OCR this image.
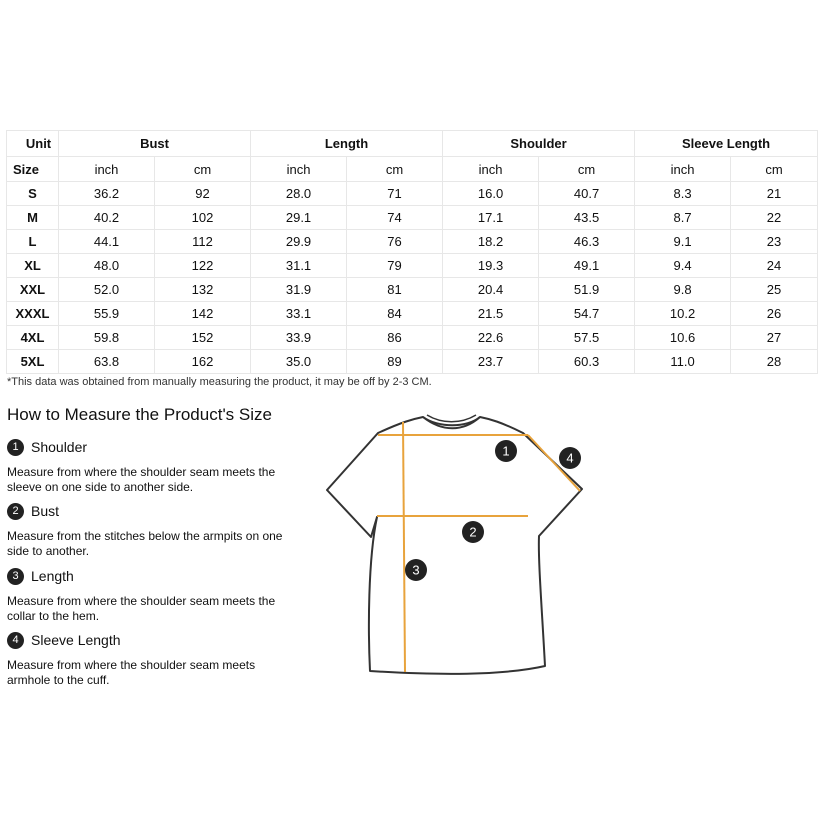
Unit	Bust		Length		Shoulder		Sleeve Length	
Size	inch	cm	inch	cm	inch	cm	inch	cm
S	36.2	92	28.0	71	16.0	40.7	8.3	21
M	40.2	102	29.1	74	17.1	43.5	8.7	22
L	44.1	112	29.9	76	18.2	46.3	9.1	23
XL	48.0	122	31.1	79	19.3	49.1	9.4	24
XXL	52.0	132	31.9	81	20.4	51.9	9.8	25
XXXL	55.9	142	33.1	84	21.5	54.7	10.2	26
4XL	59.8	152	33.9	86	22.6	57.5	10.6	27
5XL	63.8	162	35.0	89	23.7	60.3	11.0	28
*This data was obtained from manually measuring the product, it may be off by 2-3 CM.
How to Measure the Product's Size
1 Shoulder
Measure from where the shoulder seam meets the sleeve on one side to another side.
2 Bust
Measure from the stitches below the armpits on one side to another.
3 Length
Measure from where the shoulder seam meets the collar to the hem.
4 Sleeve Length
Measure from where the shoulder seam meets armhole to the cuff.
1
2
3
4
